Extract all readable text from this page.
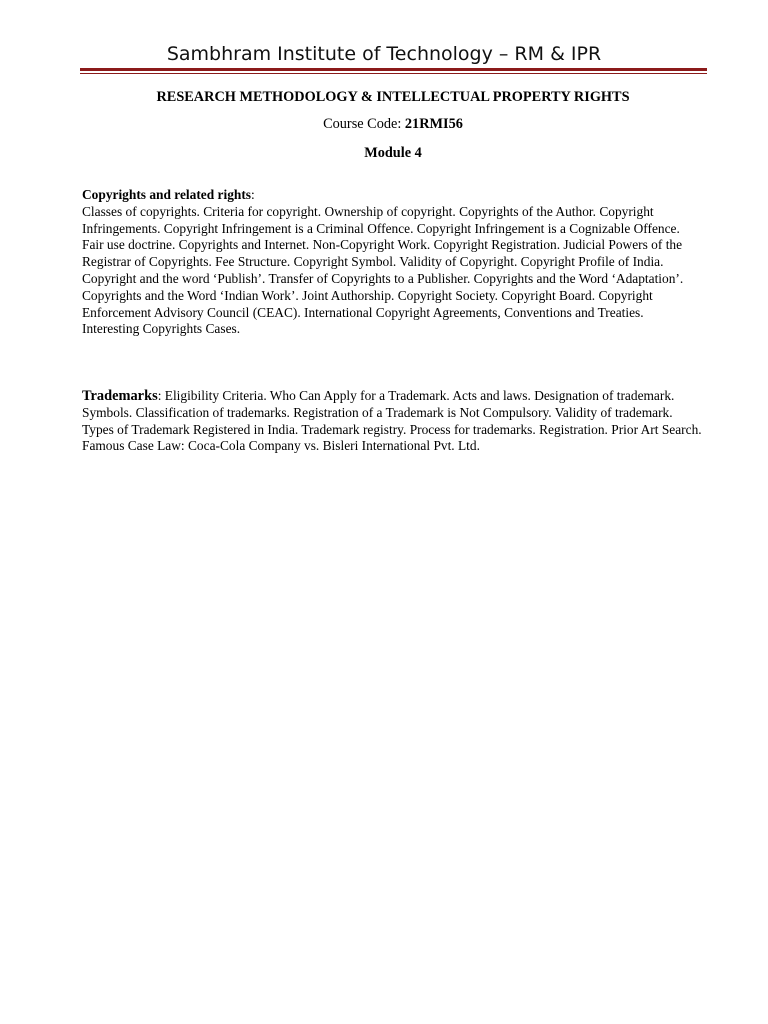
Sambhram Institute of Technology – RM & IPR
RESEARCH METHODOLOGY & INTELLECTUAL PROPERTY RIGHTS
Course Code: 21RMI56
Module 4
Copyrights and related rights:
Classes of copyrights. Criteria for copyright. Ownership of copyright. Copyrights of the Author. Copyright Infringements. Copyright Infringement is a Criminal Offence. Copyright Infringement is a Cognizable Offence. Fair use doctrine. Copyrights and Internet. Non-Copyright Work. Copyright Registration. Judicial Powers of the Registrar of Copyrights. Fee Structure. Copyright Symbol. Validity of Copyright. Copyright Profile of India. Copyright and the word ‘Publish’. Transfer of Copyrights to a Publisher. Copyrights and the Word ‘Adaptation’. Copyrights and the Word ‘Indian Work’. Joint Authorship. Copyright Society. Copyright Board. Copyright Enforcement Advisory Council (CEAC). International Copyright Agreements, Conventions and Treaties. Interesting Copyrights Cases.
Trademarks: Eligibility Criteria. Who Can Apply for a Trademark. Acts and laws. Designation of trademark. Symbols. Classification of trademarks. Registration of a Trademark is Not Compulsory. Validity of trademark. Types of Trademark Registered in India. Trademark registry. Process for trademarks. Registration. Prior Art Search. Famous Case Law: Coca-Cola Company vs. Bisleri International Pvt. Ltd.
